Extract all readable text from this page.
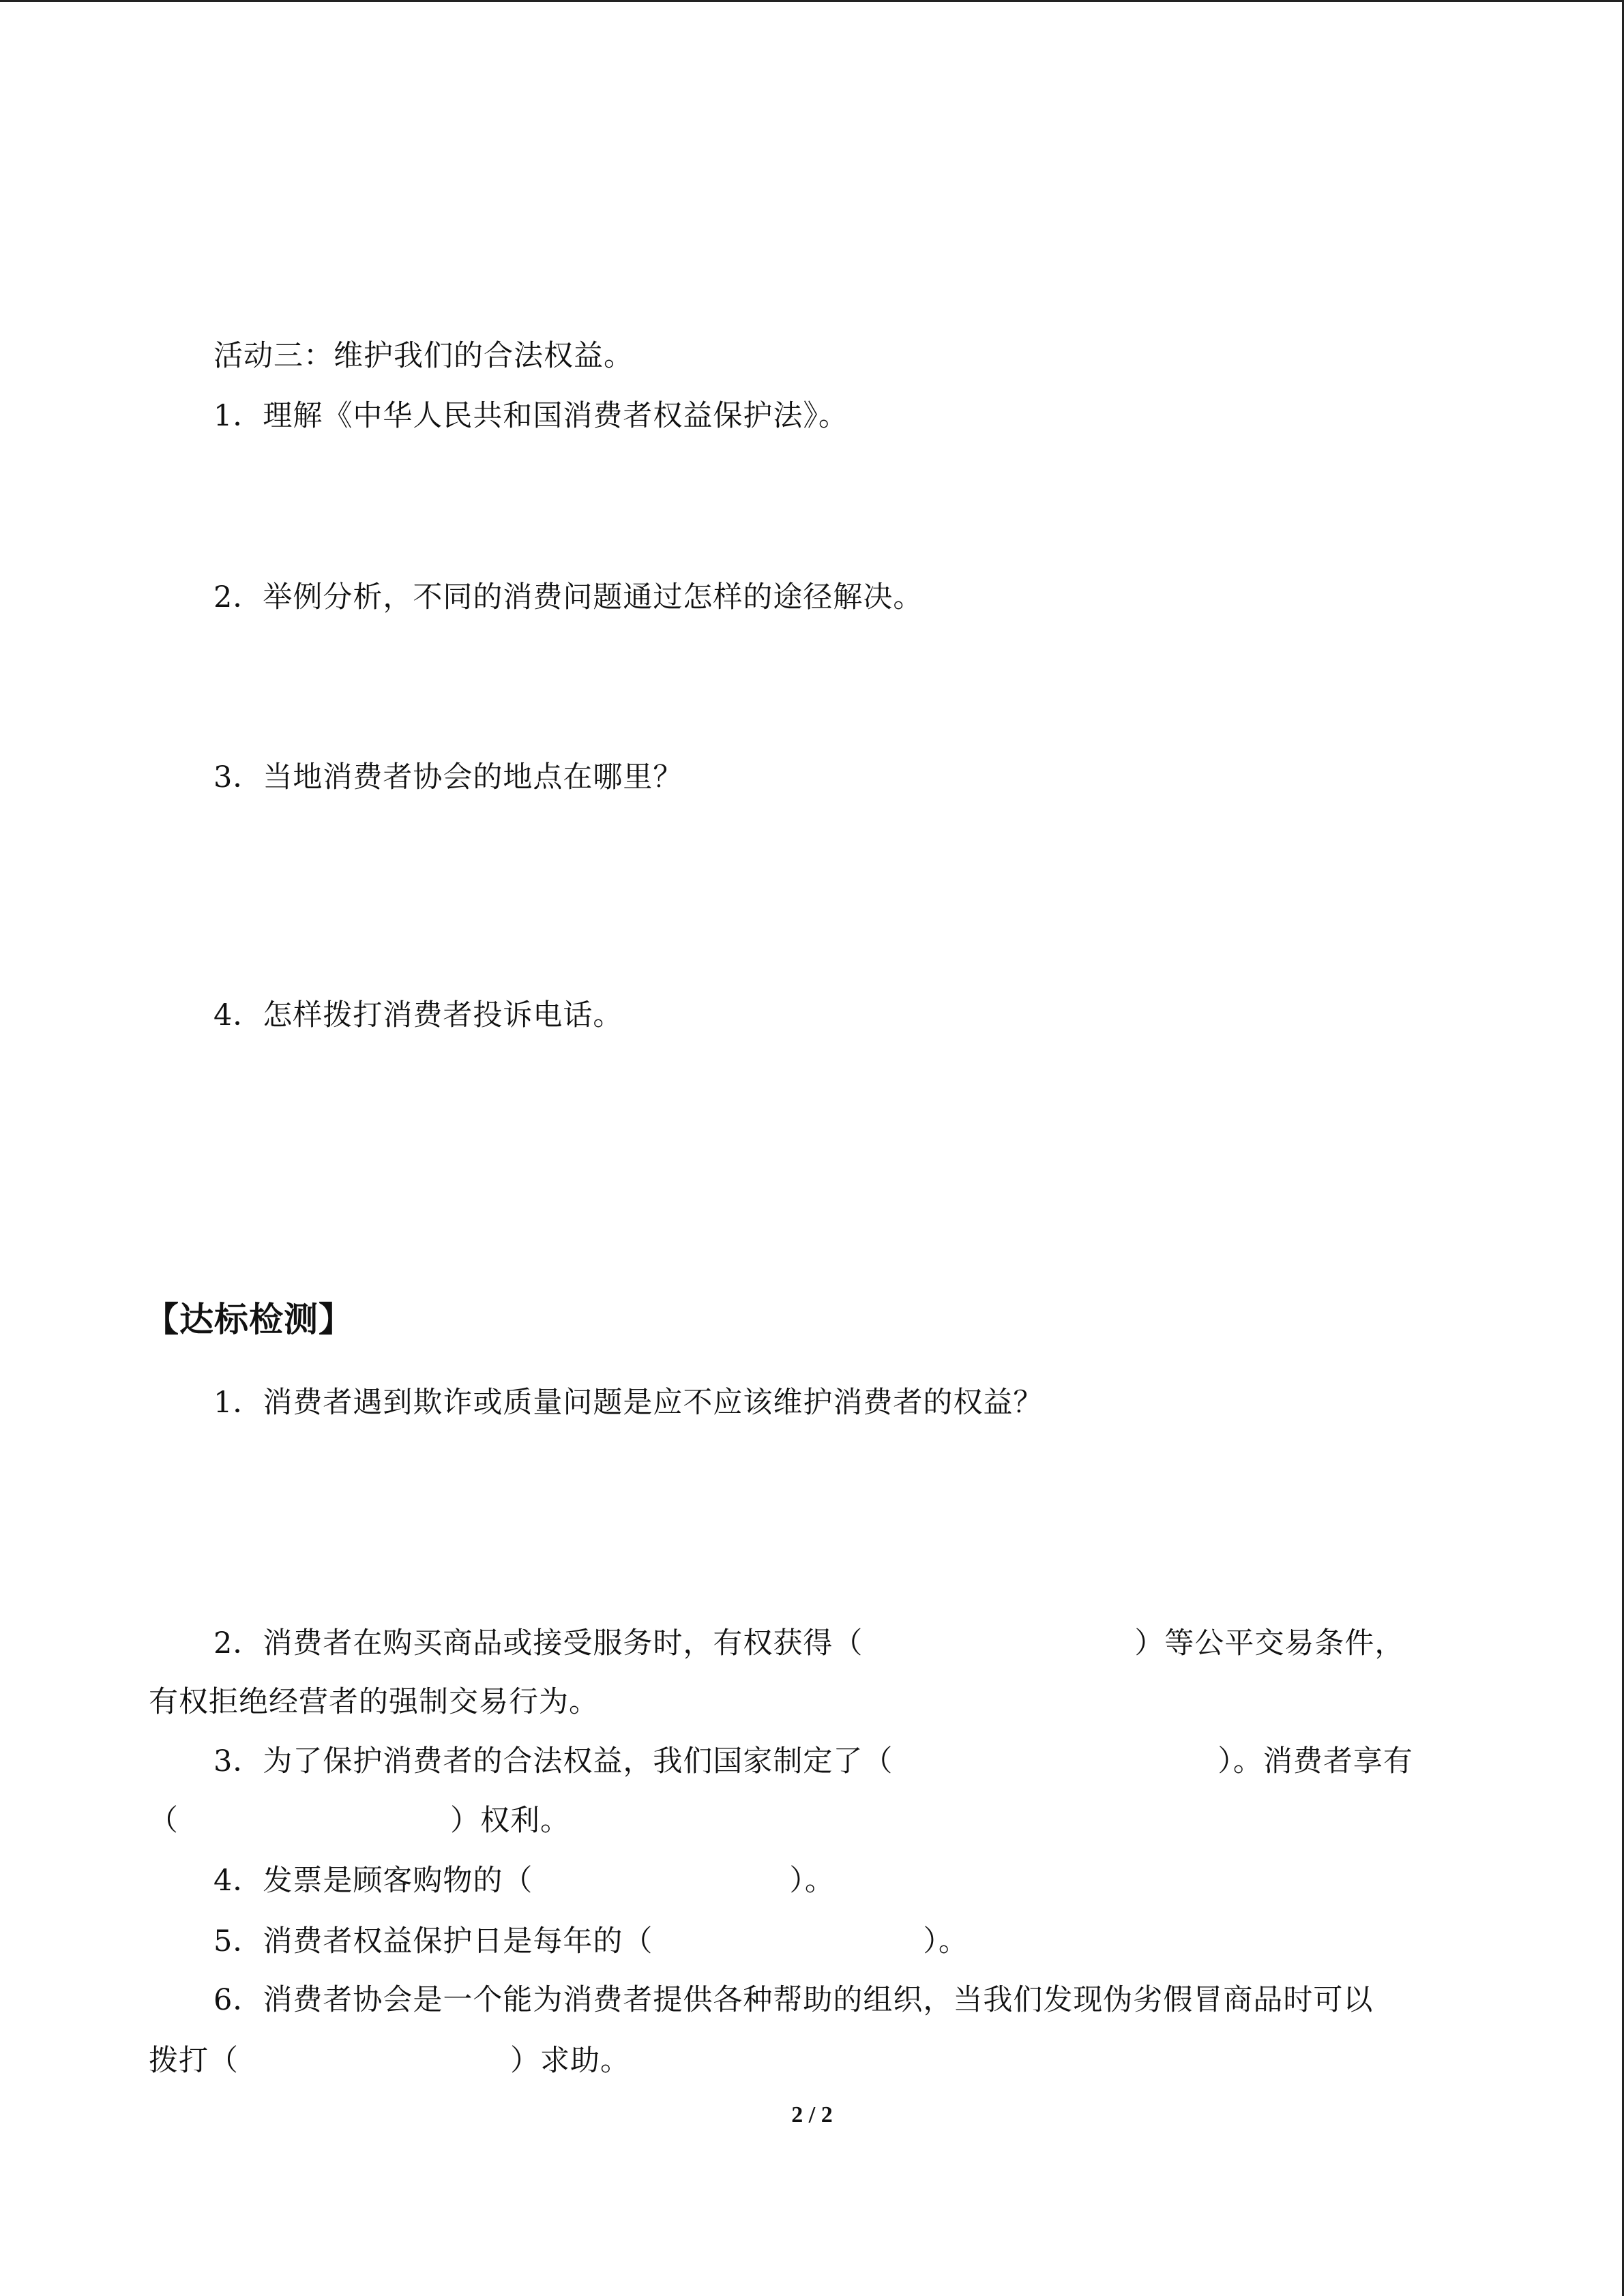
活动三：维护我们的合法权益。
1．理解《中华人民共和国消费者权益保护法》。
2．举例分析，不同的消费问题通过怎样的途径解决。
3．当地消费者协会的地点在哪里？
4．怎样拨打消费者投诉电话。
【达标检测】
1．消费者遇到欺诈或质量问题是应不应该维护消费者的权益？
2．消费者在购买商品或接受服务时，有权获得（	）等公平交易条件，
有权拒绝经营者的强制交易行为。
3．为了保护消费者的合法权益，我们国家制定了（	）。消费者享有
（	）权利。
4．发票是顾客购物的（	）。
5．消费者权益保护日是每年的（	）。
6．消费者协会是一个能为消费者提供各种帮助的组织，当我们发现伪劣假冒商品时可以
拨打（	）求助。
2 / 2
